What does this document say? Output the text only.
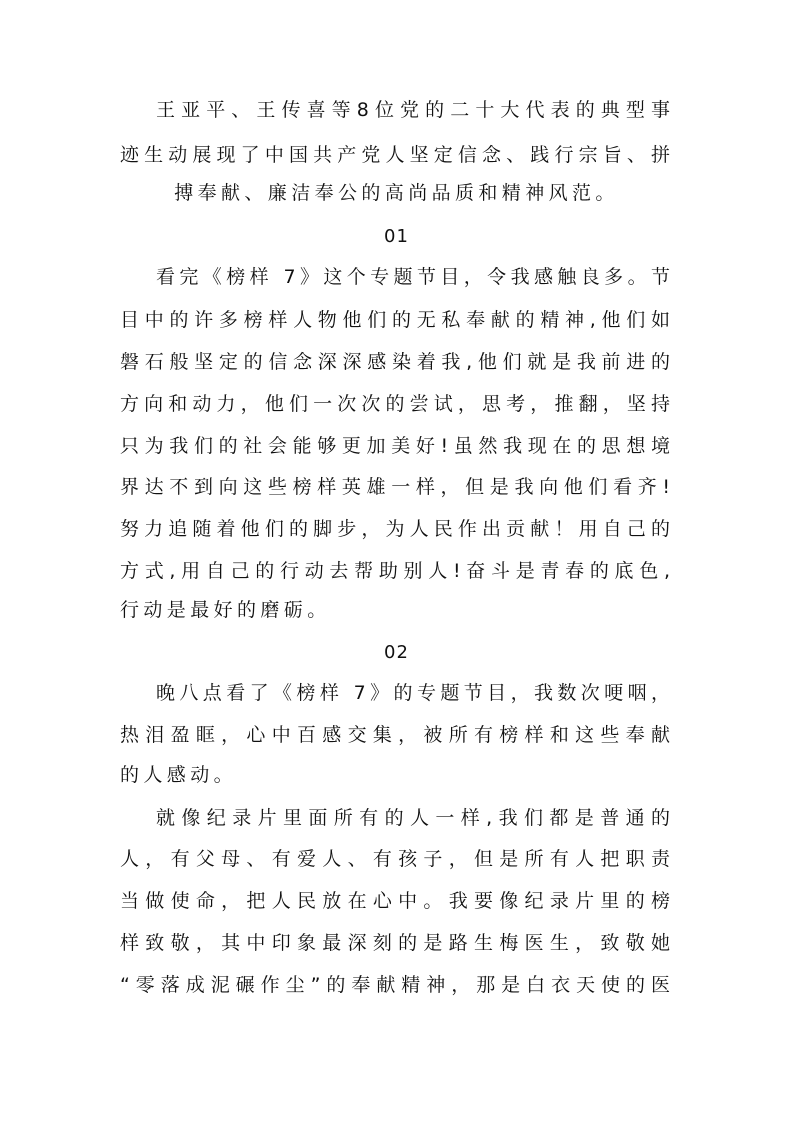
王亚平、王传喜等8位党的二十大代表的典型事
迹生动展现了中国共产党人坚定信念、践行宗旨、拼
搏奉献、廉洁奉公的高尚品质和精神风范。
01
看完《榜样 7》这个专题节目，令我感触良多。节
目中的许多榜样人物他们的无私奉献的精神,他们如
磐石般坚定的信念深深感染着我,他们就是我前进的
方向和动力，他们一次次的尝试，思考，推翻，坚持
只为我们的社会能够更加美好!虽然我现在的思想境
界达不到向这些榜样英雄一样，但是我向他们看齐!
努力追随着他们的脚步，为人民作出贡献！用自己的
方式,用自己的行动去帮助别人!奋斗是青春的底色,
行动是最好的磨砺。
02
晚八点看了《榜样 7》的专题节目，我数次哽咽，
热泪盈眶，心中百感交集，被所有榜样和这些奉献
的人感动。
就像纪录片里面所有的人一样,我们都是普通的
人，有父母、有爱人、有孩子，但是所有人把职责
当做使命，把人民放在心中。我要像纪录片里的榜
样致敬，其中印象最深刻的是路生梅医生，致敬她
“零落成泥碾作尘”的奉献精神，那是白衣天使的医
